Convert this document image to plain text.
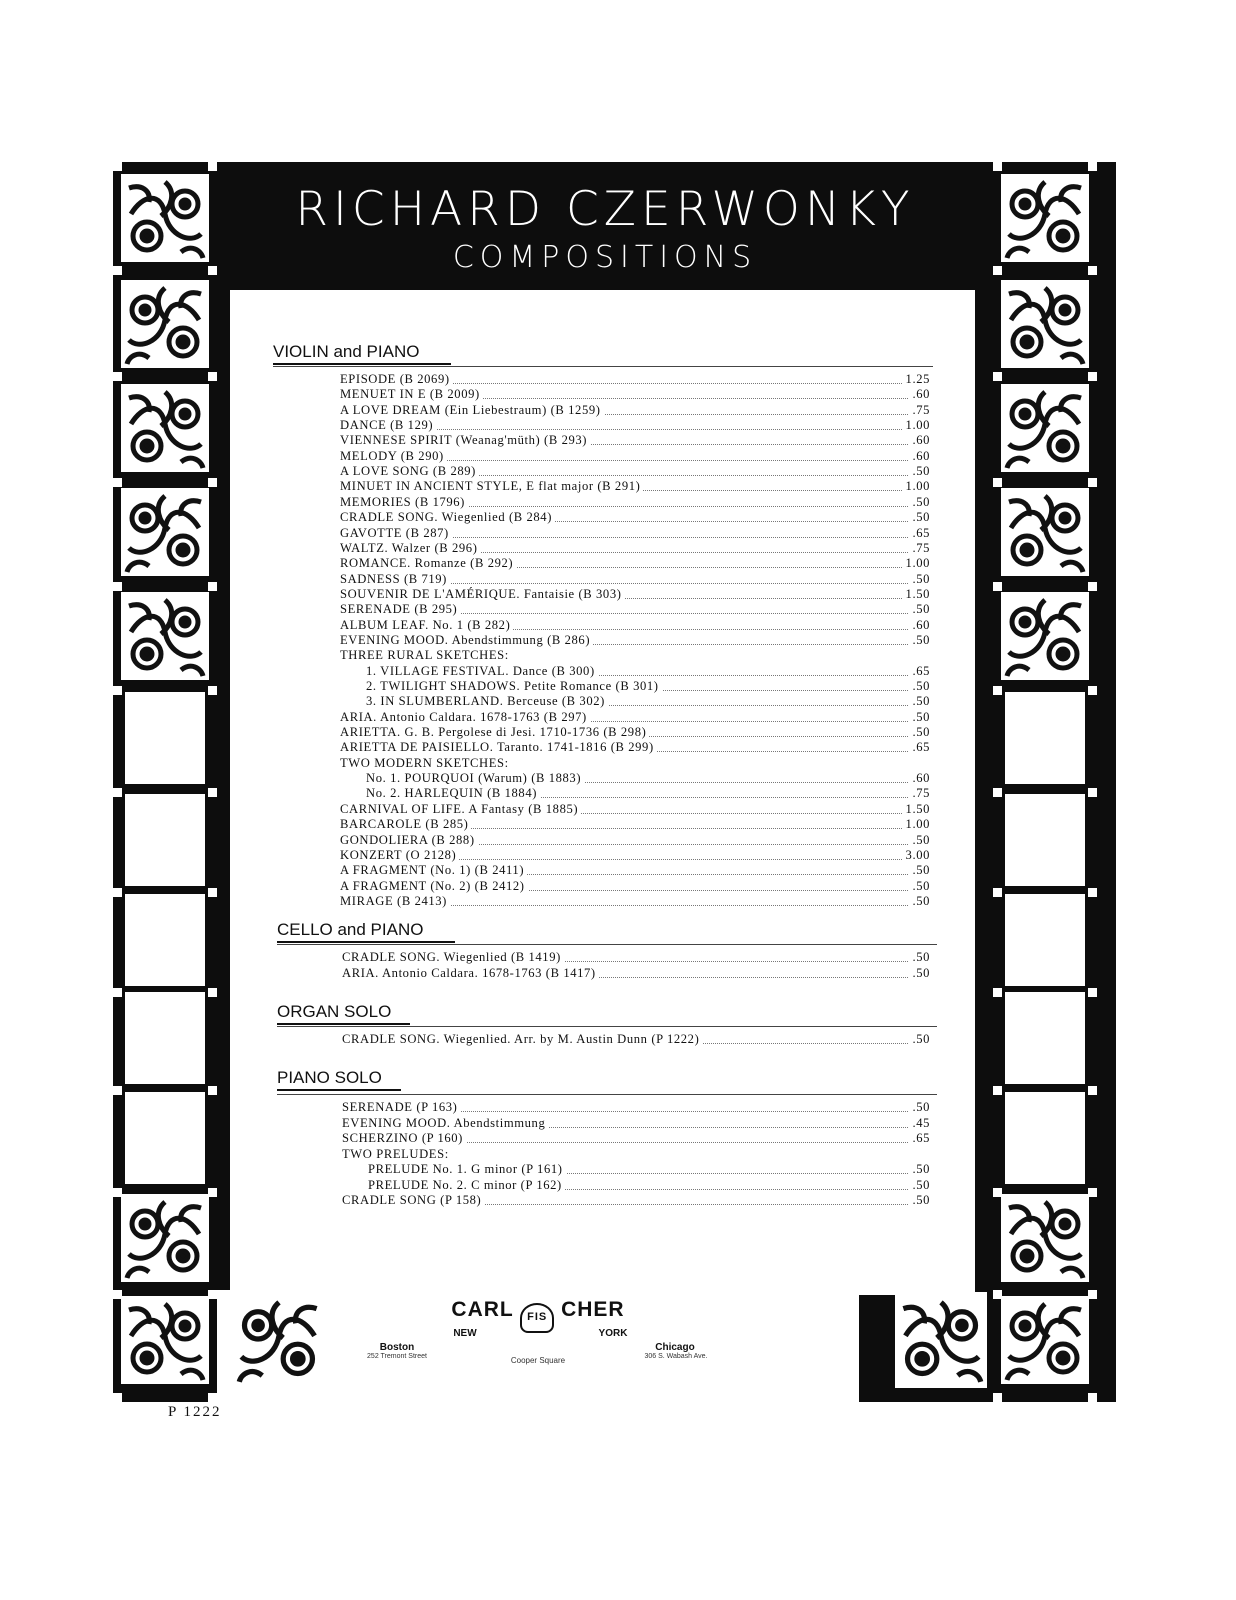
RICHARD CZERWONKY
COMPOSITIONS
CARL FIS CHER
NEW	YORK
Boston
252 Tremont Street
Chicago
306 S. Wabash Ave.
Cooper Square
VIOLIN and PIANO
EPISODE (B 2069)	1.25
MENUET IN E (B 2009)	.60
A LOVE DREAM (Ein Liebestraum) (B 1259)	.75
DANCE (B 129)	1.00
VIENNESE SPIRIT (Weanag'müth) (B 293)	.60
MELODY (B 290)	.60
A LOVE SONG (B 289)	.50
MINUET IN ANCIENT STYLE, E flat major (B 291)	1.00
MEMORIES (B 1796)	.50
CRADLE SONG. Wiegenlied (B 284)	.50
GAVOTTE (B 287)	.65
WALTZ. Walzer (B 296)	.75
ROMANCE. Romanze (B 292)	1.00
SADNESS (B 719)	.50
SOUVENIR DE L'AMÉRIQUE. Fantaisie (B 303)	1.50
SERENADE (B 295)	.50
ALBUM LEAF. No. 1 (B 282)	.60
EVENING MOOD. Abendstimmung (B 286)	.50
THREE RURAL SKETCHES:
1. VILLAGE FESTIVAL. Dance (B 300)	.65
2. TWILIGHT SHADOWS. Petite Romance (B 301)	.50
3. IN SLUMBERLAND. Berceuse (B 302)	.50
ARIA. Antonio Caldara. 1678-1763 (B 297)	.50
ARIETTA. G. B. Pergolese di Jesi. 1710-1736 (B 298)	.50
ARIETTA DE PAISIELLO. Taranto. 1741-1816 (B 299)	.65
TWO MODERN SKETCHES:
No. 1. POURQUOI (Warum) (B 1883)	.60
No. 2. HARLEQUIN (B 1884)	.75
CARNIVAL OF LIFE. A Fantasy (B 1885)	1.50
BARCAROLE (B 285)	1.00
GONDOLIERA (B 288)	.50
KONZERT (O 2128)	3.00
A FRAGMENT (No. 1) (B 2411)	.50
A FRAGMENT (No. 2) (B 2412)	.50
MIRAGE (B 2413)	.50
CELLO and PIANO
CRADLE SONG. Wiegenlied (B 1419)	.50
ARIA. Antonio Caldara. 1678-1763 (B 1417)	.50
ORGAN SOLO
CRADLE SONG. Wiegenlied. Arr. by M. Austin Dunn (P 1222)	.50
PIANO SOLO
SERENADE (P 163)	.50
EVENING MOOD. Abendstimmung	.45
SCHERZINO (P 160)	.65
TWO PRELUDES:
PRELUDE No. 1. G minor (P 161)	.50
PRELUDE No. 2. C minor (P 162)	.50
CRADLE SONG (P 158)	.50
P 1222
